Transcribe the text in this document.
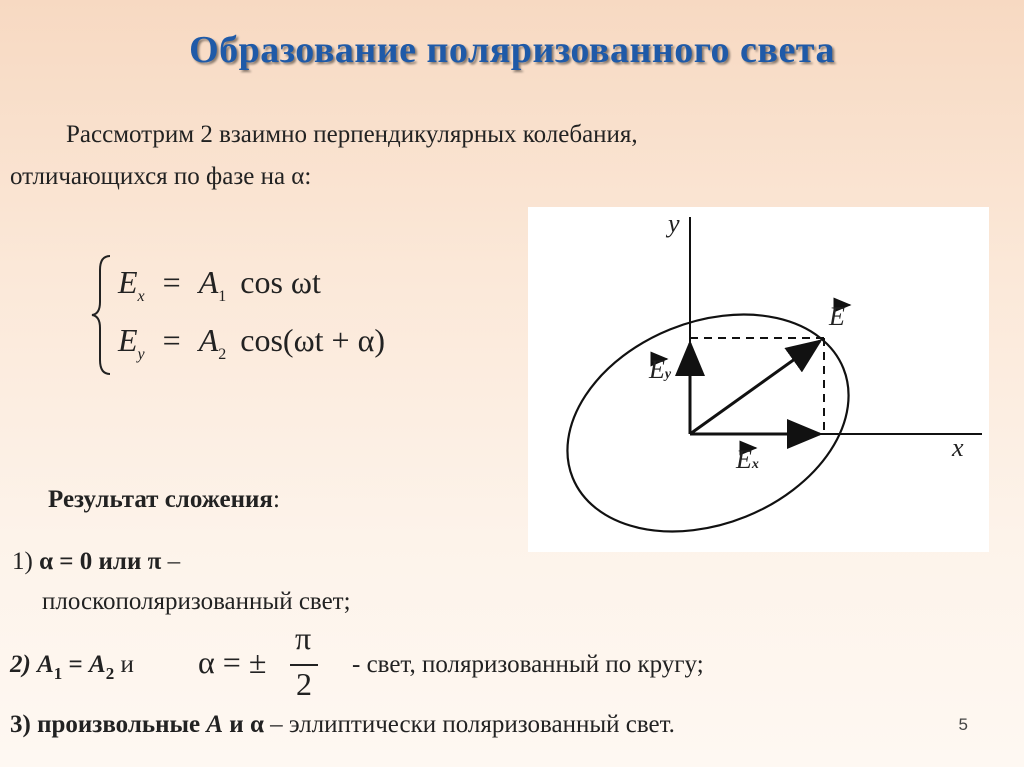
Образование поляризованного света
Рассмотрим 2 взаимно перпендикулярных колебания,
отличающихся по фазе на α:
$E_x = A_1$ cos ωt
$E_y = A_2$ cos(ωt + α)
y
x
E
Ey
Ex
Результат сложения:
1) α = 0 или π –
плоскополяризованный свет;
2) $A_1 = A_2$ и α = ±
π
2
- свет, поляризованный по кругу;
3) произвольные A и α – эллиптически поляризованный свет.	5
